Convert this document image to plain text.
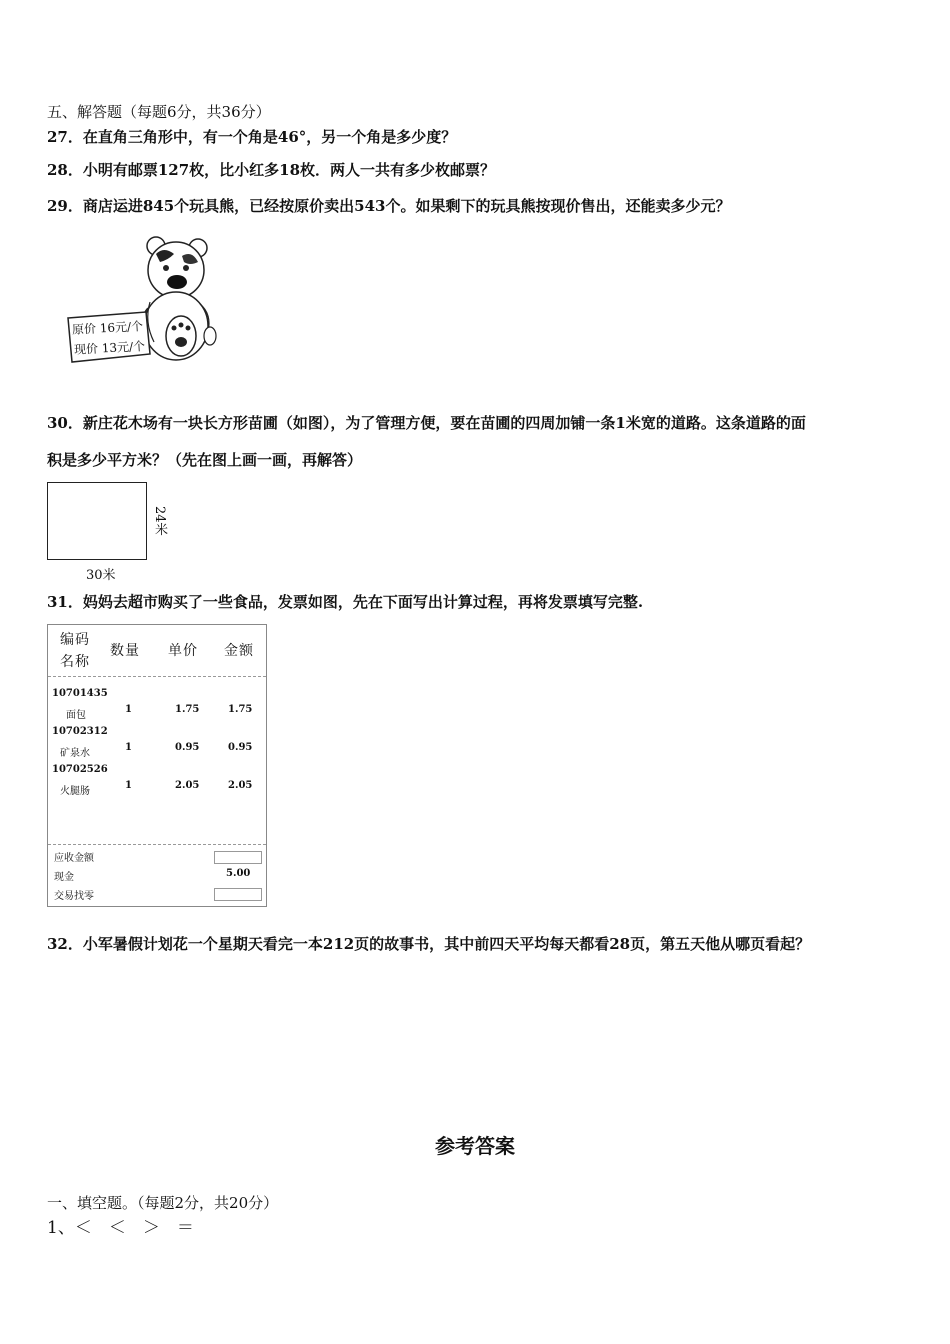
五、解答题（每题6分，共36分）
27．在直角三角形中，有一个角是46°，另一个角是多少度？
28．小明有邮票127枚，比小红多18枚．两人一共有多少枚邮票？
29．商店运进845个玩具熊，已经按原价卖出543个。如果剩下的玩具熊按现价售出，还能卖多少元？
原价 16元/个
现价 13元/个
30．新庄花木场有一块长方形苗圃（如图），为了管理方便，要在苗圃的四周加铺一条1米宽的道路。这条道路的面
积是多少平方米？（先在图上画一画，再解答）
30米
24米
31．妈妈去超市购买了一些食品，发票如图，先在下面写出计算过程，再将发票填写完整.
编码
名称
数量 单价 金额
10701435
面包
1	1.75	1.75
10702312
矿泉水
1	0.95	0.95
10702526
火腿肠
1	2.05	2.05
应收金额
现金	5.00
交易找零
32．小军暑假计划花一个星期天看完一本212页的故事书，其中前四天平均每天都看28页，第五天他从哪页看起？
参考答案
一、填空题。（每题2分，共20分）
1、＜　＜　＞　＝
